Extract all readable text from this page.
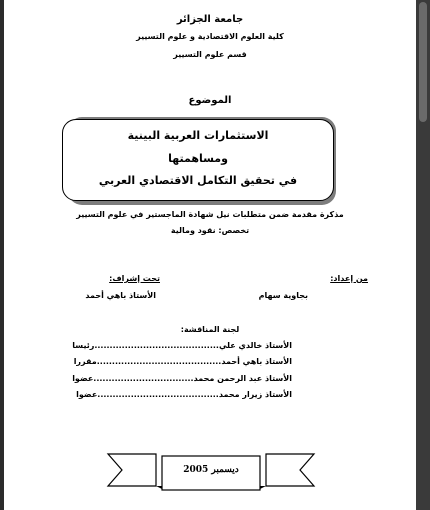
جامعة الجزائر
كلية العلوم الاقتصادية و علوم التسيير
قسم علوم التسيير
الموضوع
الاستثمارات العربية البينية
ومساهمتها
في تحقيق التكامل الاقتصادي العربي
مذكرة مقدمة ضمن متطلبات نيل شهادة الماجستير في علوم التسيير
تخصص: نقود ومالية
من إعداد:
بجاوية سهام
تحت إشراف:
الأستاذ باهي أحمد
لجنة المناقشة:
الأستاذ خالدي علي.........................................رئيسا
الأستاذ باهي أحمد.........................................مقررا
الأستاذ عبد الرحمن محمد.................................عضوا
الأستاذ زيرار محمد........................................عضوا
ديسمبر 2005
